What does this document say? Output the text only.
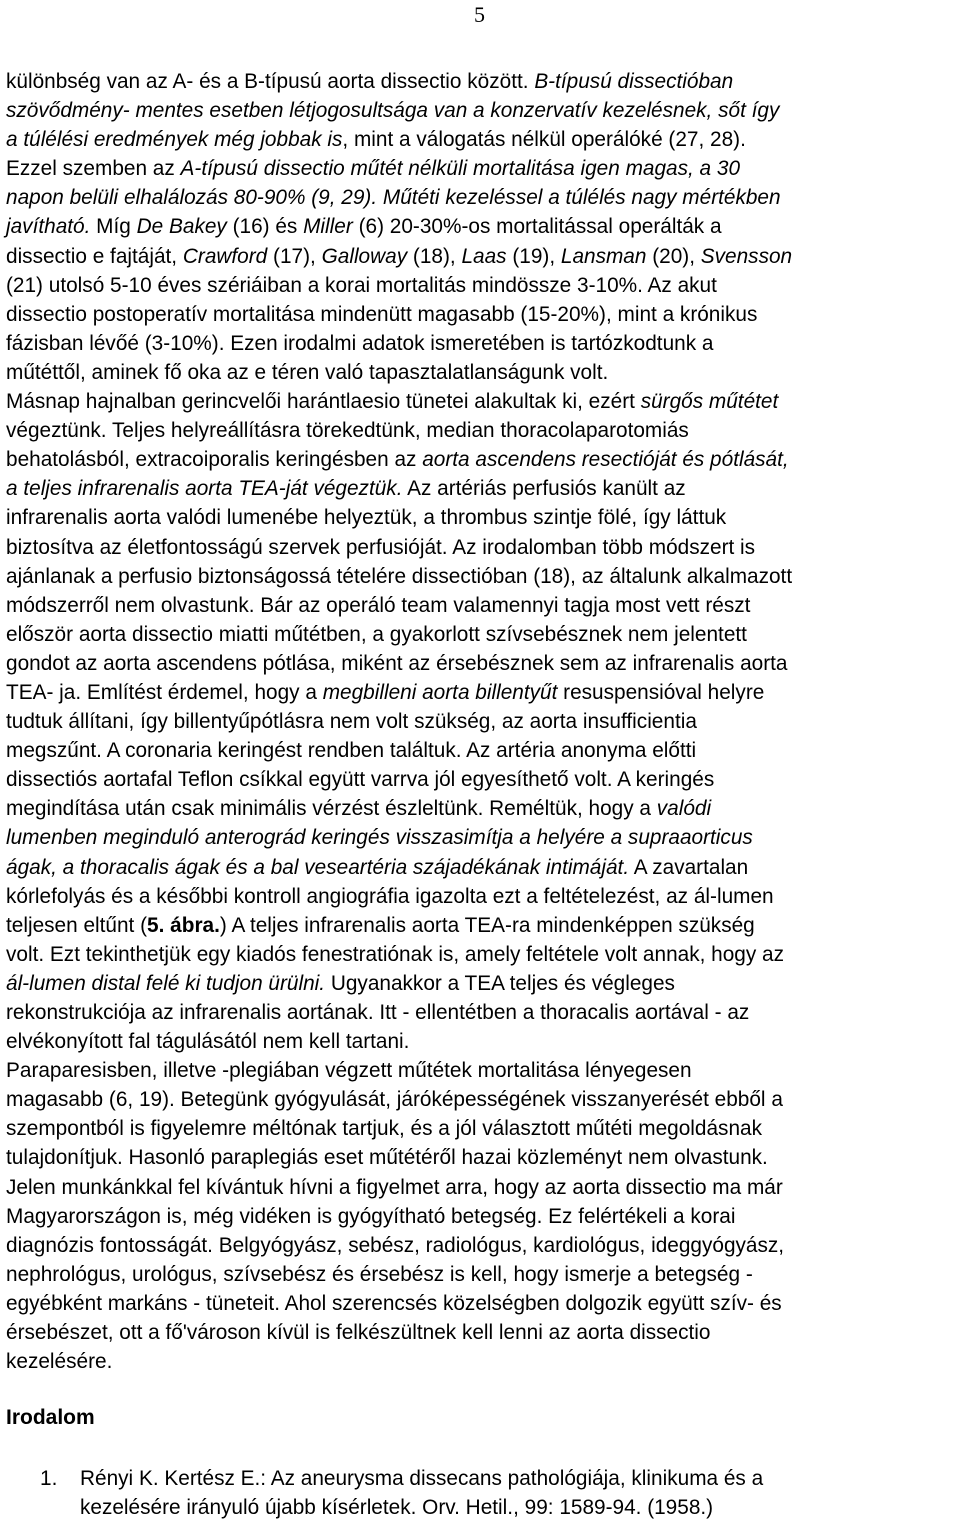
5
különbség van az A- és a B-típusú aorta dissectio között. B-típusú dissectióban
szövődmény- mentes esetben létjogosultsága van a konzervatív kezelésnek, sőt így
a túlélési eredmények még jobbak is, mint a válogatás nélkül operálóké (27, 28).
Ezzel szemben az A-típusú dissectio műtét nélküli mortalitása igen magas, a 30
napon belüli elhalálozás 80-90% (9, 29). Műtéti kezeléssel a túlélés nagy mértékben
javítható. Míg De Bakey (16) és Miller (6) 20-30%-os mortalitással operálták a
dissectio e fajtáját, Crawford (17), Galloway (18), Laas (19), Lansman (20), Svensson
(21) utolsó 5-10 éves szériáiban a korai mortalitás mindössze 3-10%. Az akut
dissectio postoperatív mortalitása mindenütt magasabb (15-20%), mint a krónikus
fázisban lévőé (3-10%). Ezen irodalmi adatok ismeretében is tartózkodtunk a
műtéttől, aminek fő oka az e téren való tapasztalatlanságunk volt.
Másnap hajnalban gerincvelői harántlaesio tünetei alakultak ki, ezért sürgős műtétet
végeztünk. Teljes helyreállításra törekedtünk, median thoracolaparotomiás
behatolásból, extracoiporalis keringésben az aorta ascendens resectióját és pótlását,
a teljes infrarenalis aorta TEA-ját végeztük. Az artériás perfusiós kanült az
infrarenalis aorta valódi lumenébe helyeztük, a thrombus szintje fölé, így láttuk
biztosítva az életfontosságú szervek perfusióját. Az irodalomban több módszert is
ajánlanak a perfusio biztonságossá tételére dissectióban (18), az általunk alkalmazott
módszerről nem olvastunk. Bár az operáló team valamennyi tagja most vett részt
először aorta dissectio miatti műtétben, a gyakorlott szívsebésznek nem jelentett
gondot az aorta ascendens pótlása, miként az érsebésznek sem az infrarenalis aorta
TEA- ja. Említést érdemel, hogy a megbilleni aorta billentyűt resuspensióval helyre
tudtuk állítani, így billentyűpótlásra nem volt szükség, az aorta insufficientia
megszűnt. A coronaria keringést rendben találtuk. Az artéria anonyma előtti
dissectiós aortafal Teflon csíkkal együtt varrva jól egyesíthető volt. A keringés
megindítása után csak minimális vérzést észleltünk. Reméltük, hogy a valódi
lumenben meginduló anterográd keringés visszasimítja a helyére a supraaorticus
ágak, a thoracalis ágak és a bal veseartéria szájadékának intimáját. A zavartalan
kórlefolyás és a későbbi kontroll angiográfia igazolta ezt a feltételezést, az ál-lumen
teljesen eltűnt (5. ábra.) A teljes infrarenalis aorta TEA-ra mindenképpen szükség
volt. Ezt tekinthetjük egy kiadós fenestratiónak is, amely feltétele volt annak, hogy az
ál-lumen distal felé ki tudjon ürülni. Ugyanakkor a TEA teljes és végleges
rekonstrukciója az infrarenalis aortának. Itt - ellentétben a thoracalis aortával - az
elvékonyított fal tágulásától nem kell tartani.
Paraparesisben, illetve -plegiában végzett műtétek mortalitása lényegesen
magasabb (6, 19). Betegünk gyógyulását, járóképességének visszanyerését ebből a
szempontból is figyelemre méltónak tartjuk, és a jól választott műtéti megoldásnak
tulajdonítjuk. Hasonló paraplegiás eset műtétéről hazai közleményt nem olvastunk.
Jelen munkánkkal fel kívántuk hívni a figyelmet arra, hogy az aorta dissectio ma már
Magyarországon is, még vidéken is gyógyítható betegség. Ez felértékeli a korai
diagnózis fontosságát. Belgyógyász, sebész, radiológus, kardiológus, ideggyógyász,
nephrológus, urológus, szívsebész és érsebész is kell, hogy ismerje a betegség -
egyébként markáns - tüneteit. Ahol szerencsés közelségben dolgozik együtt szív- és
érsebészet, ott a fő'városon kívül is felkészültnek kell lenni az aorta dissectio
kezelésére.
Irodalom
1. Rényi K. Kertész E.: Az aneurysma dissecans pathológiája, klinikuma és a
kezelésére irányuló újabb kísérletek. Orv. Hetil., 99: 1589-94. (1958.)
